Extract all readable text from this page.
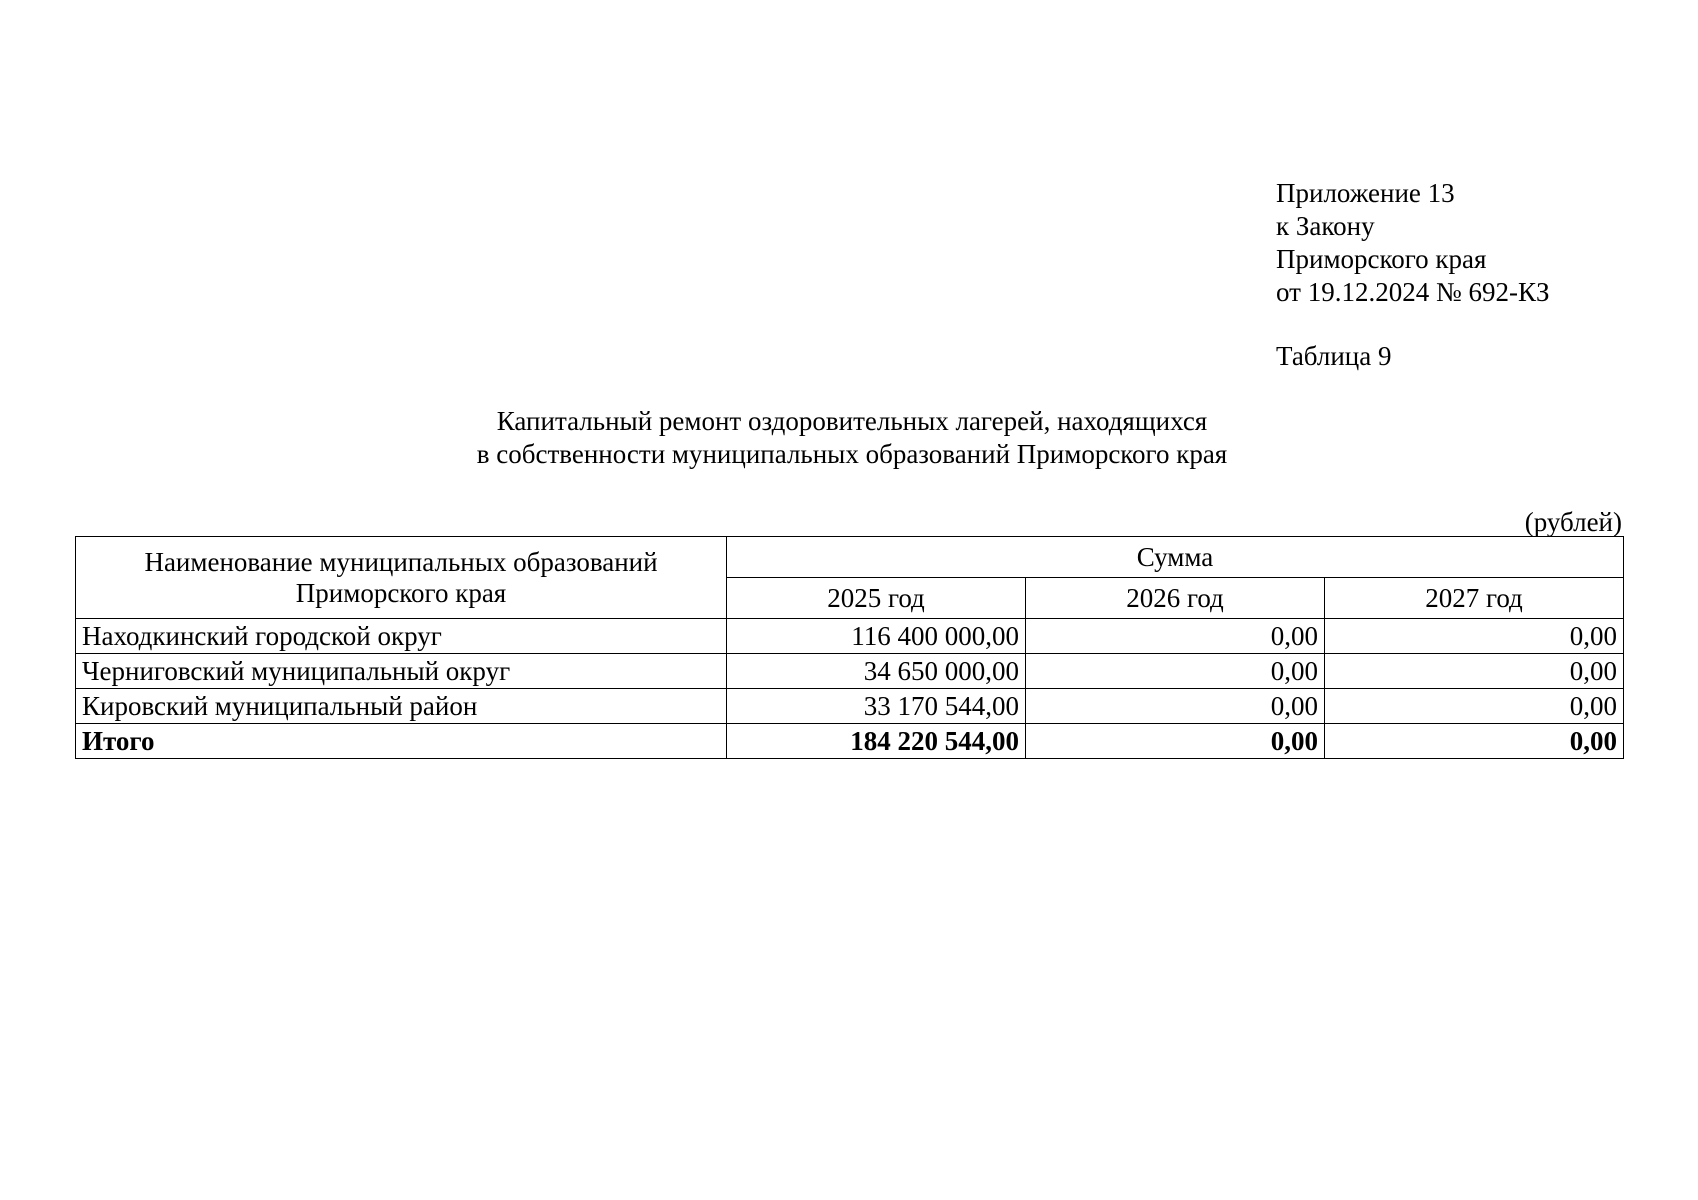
Приложение 13
к Закону
Приморского края
от 19.12.2024 № 692-КЗ
Таблица 9
Капитальный ремонт оздоровительных лагерей, находящихся
в собственности муниципальных образований Приморского края
(рублей)
Наименование муниципальных образований Приморского края	Сумма		
	2025 год	2026 год	2027 год
Находкинский городской округ	116 400 000,00	0,00	0,00
Черниговский муниципальный округ	34 650 000,00	0,00	0,00
Кировский муниципальный район	33 170 544,00	0,00	0,00
Итого	184 220 544,00	0,00	0,00
